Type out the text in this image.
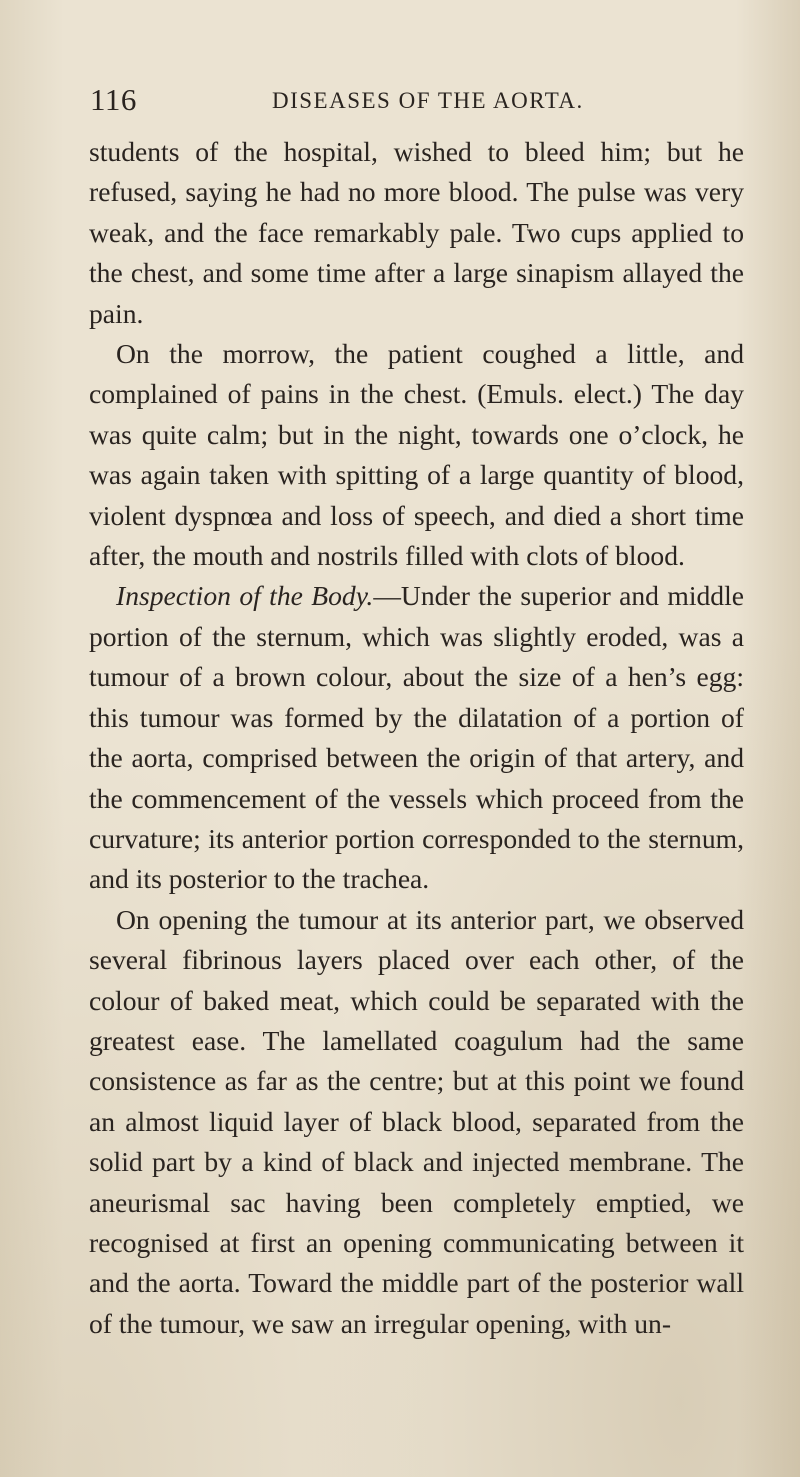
116	DISEASES OF THE AORTA.

students of the hospital, wished to bleed him; but he refused, saying he had no more blood. The pulse was very weak, and the face remarkably pale. Two cups applied to the chest, and some time after a large sinapism allayed the pain.

On the morrow, the patient coughed a little, and complained of pains in the chest. (Emuls. elect.) The day was quite calm; but in the night, towards one o’clock, he was again taken with spitting of a large quantity of blood, violent dyspnœa and loss of speech, and died a short time after, the mouth and nostrils filled with clots of blood.

Inspection of the Body.—Under the superior and middle portion of the sternum, which was slightly eroded, was a tumour of a brown colour, about the size of a hen’s egg: this tumour was formed by the dilatation of a portion of the aorta, comprised between the origin of that artery, and the commencement of the vessels which proceed from the curvature; its anterior portion corresponded to the sternum, and its posterior to the trachea.

On opening the tumour at its anterior part, we observed several fibrinous layers placed over each other, of the colour of baked meat, which could be separated with the greatest ease. The lamellated coagulum had the same consistence as far as the centre; but at this point we found an almost liquid layer of black blood, separated from the solid part by a kind of black and injected membrane. The aneurismal sac having been completely emptied, we recognised at first an opening communicating between it and the aorta. Toward the middle part of the posterior wall of the tumour, we saw an irregular opening, with un-
